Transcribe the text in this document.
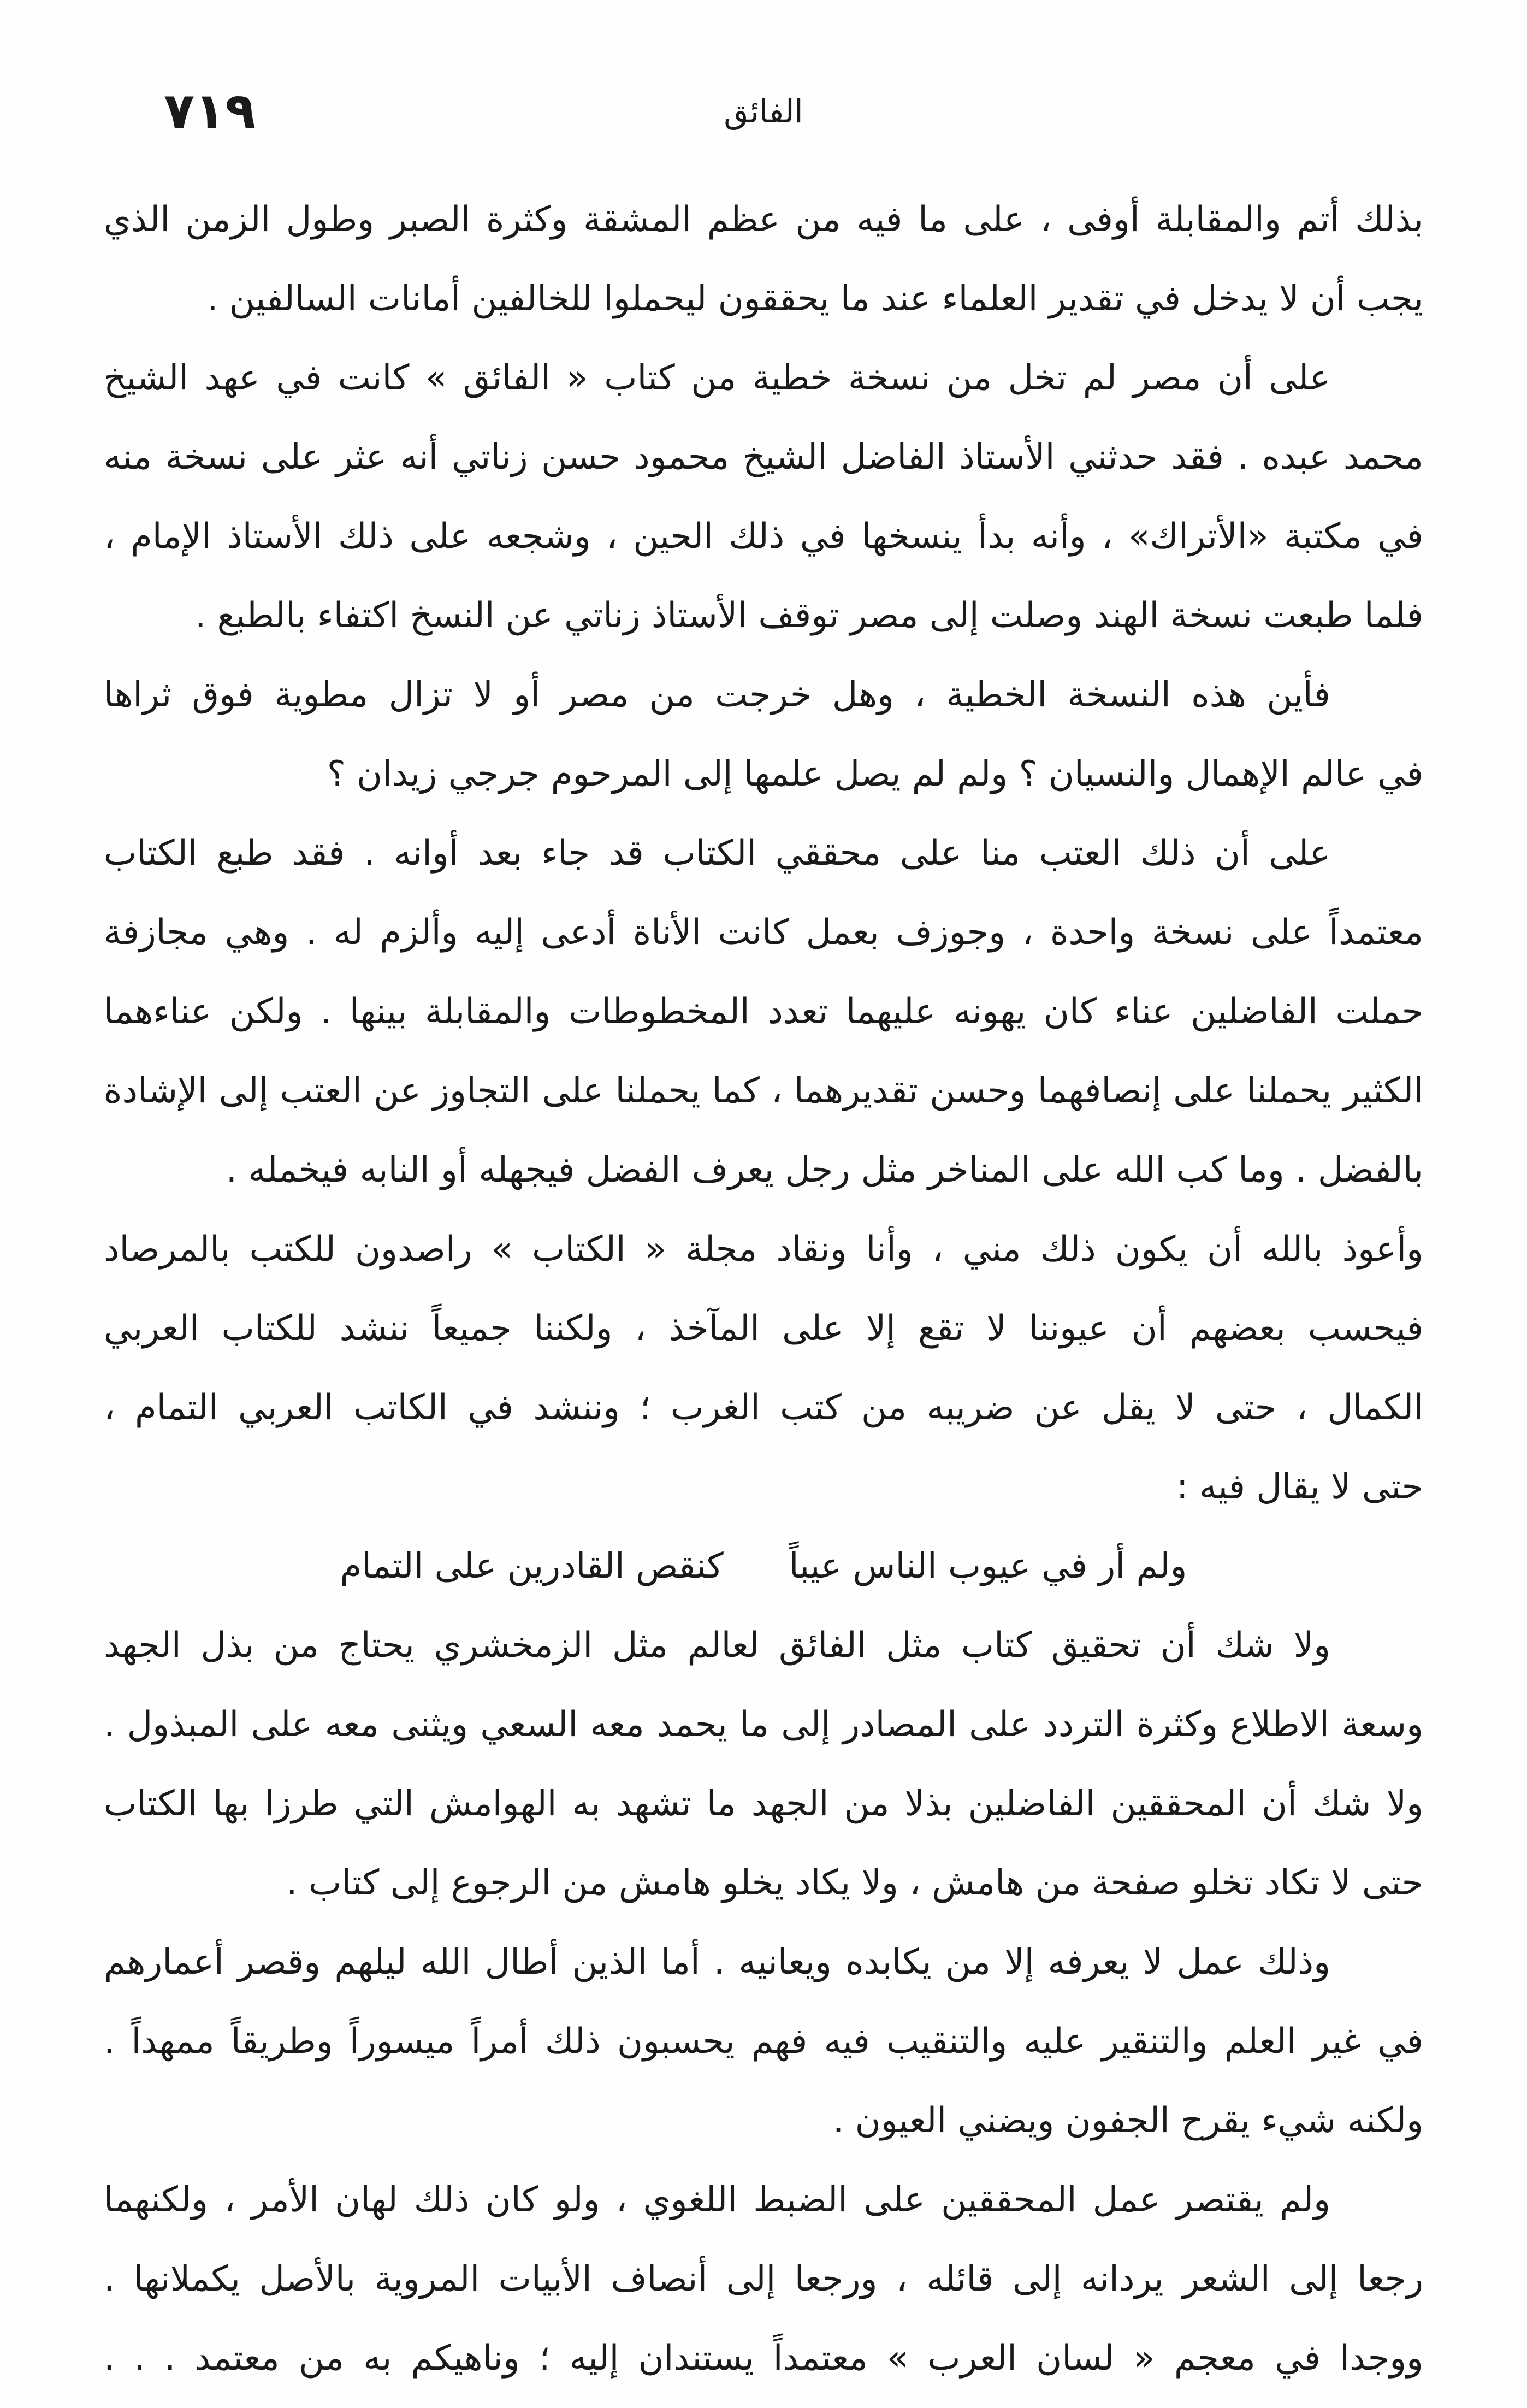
٧١٩	الفائق
بذلك أتم والمقابلة أوفى ، على ما فيه من عظم المشقة وكثرة الصبر وطول الزمن الذي
يجب أن لا يدخل في تقدير العلماء عند ما يحققون ليحملوا للخالفين أمانات السالفين .
على أن مصر لم تخل من نسخة خطية من كتاب « الفائق » كانت في عهد الشيخ
محمد عبده . فقد حدثني الأستاذ الفاضل الشيخ محمود حسن زناتي أنه عثر على نسخة منه
في مكتبة «الأتراك» ، وأنه بدأ ينسخها في ذلك الحين ، وشجعه على ذلك الأستاذ الإمام ،
فلما طبعت نسخة الهند وصلت إلى مصر توقف الأستاذ زناتي عن النسخ اكتفاء بالطبع .
فأين هذه النسخة الخطية ، وهل خرجت من مصر أو لا تزال مطوية فوق ثراها
في عالم الإهمال والنسيان ؟ ولم لم يصل علمها إلى المرحوم جرجي زيدان ؟
على أن ذلك العتب منا على محققي الكتاب قد جاء بعد أوانه . فقد طبع الكتاب
معتمداً على نسخة واحدة ، وجوزف بعمل كانت الأناة أدعى إليه وألزم له . وهي مجازفة
حملت الفاضلين عناء كان يهونه عليهما تعدد المخطوطات والمقابلة بينها . ولكن عناءهما
الكثير يحملنا على إنصافهما وحسن تقديرهما ، كما يحملنا على التجاوز عن العتب إلى الإشادة
بالفضل . وما كب الله على المناخر مثل رجل يعرف الفضل فيجهله أو النابه فيخمله .
وأعوذ بالله أن يكون ذلك مني ، وأنا ونقاد مجلة « الكتاب » راصدون للكتب بالمرصاد
فيحسب بعضهم أن عيوننا لا تقع إلا على المآخذ ، ولكننا جميعاً ننشد للكتاب العربي
الكمال ، حتى لا يقل عن ضريبه من كتب الغرب ؛ وننشد في الكاتب العربي التمام ،
حتى لا يقال فيه :
ولم أر في عيوب الناس عيباًكنقص القادرين على التمام
ولا شك أن تحقيق كتاب مثل الفائق لعالم مثل الزمخشري يحتاج من بذل الجهد
وسعة الاطلاع وكثرة التردد على المصادر إلى ما يحمد معه السعي ويثنى معه على المبذول .
ولا شك أن المحققين الفاضلين بذلا من الجهد ما تشهد به الهوامش التي طرزا بها الكتاب
حتى لا تكاد تخلو صفحة من هامش ، ولا يكاد يخلو هامش من الرجوع إلى كتاب .
وذلك عمل لا يعرفه إلا من يكابده ويعانيه . أما الذين أطال الله ليلهم وقصر أعمارهم
في غير العلم والتنقير عليه والتنقيب فيه فهم يحسبون ذلك أمراً ميسوراً وطريقاً ممهداً .
ولكنه شيء يقرح الجفون ويضني العيون .
ولم يقتصر عمل المحققين على الضبط اللغوي ، ولو كان ذلك لهان الأمر ، ولكنهما
رجعا إلى الشعر يردانه إلى قائله ، ورجعا إلى أنصاف الأبيات المروية بالأصل يكملانها .
ووجدا في معجم « لسان العرب » معتمداً يستندان إليه ؛ وناهيكم به من معتمد . . .
